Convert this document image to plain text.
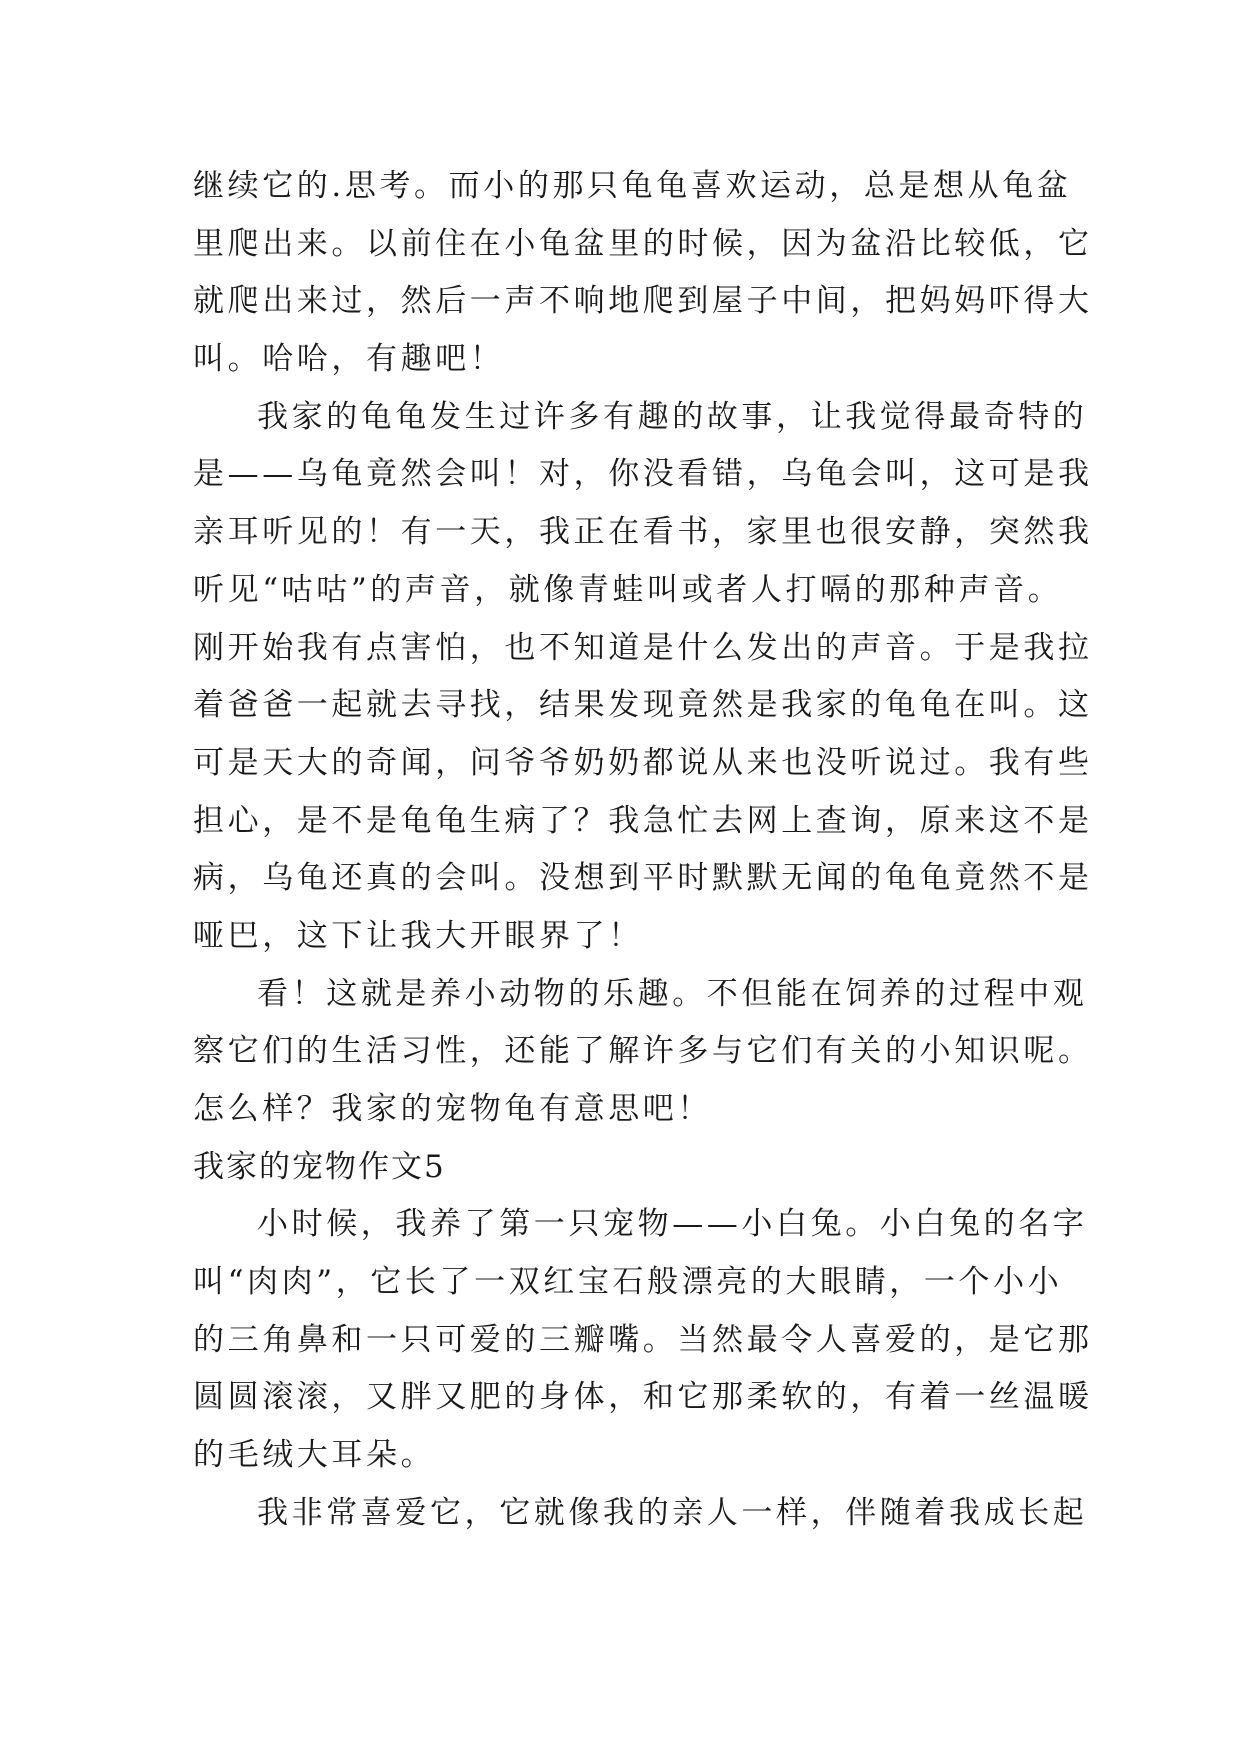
继续它的.思考。而小的那只龟龟喜欢运动，总是想从龟盆
里爬出来。以前住在小龟盆里的时候，因为盆沿比较低，它
就爬出来过，然后一声不响地爬到屋子中间，把妈妈吓得大
叫。哈哈，有趣吧！
我家的龟龟发生过许多有趣的故事，让我觉得最奇特的
是——乌龟竟然会叫！对，你没看错，乌龟会叫，这可是我
亲耳听见的！有一天，我正在看书，家里也很安静，突然我
听见“咕咕”的声音，就像青蛙叫或者人打嗝的那种声音。
刚开始我有点害怕，也不知道是什么发出的声音。于是我拉
着爸爸一起就去寻找，结果发现竟然是我家的龟龟在叫。这
可是天大的奇闻，问爷爷奶奶都说从来也没听说过。我有些
担心，是不是龟龟生病了？我急忙去网上查询，原来这不是
病，乌龟还真的会叫。没想到平时默默无闻的龟龟竟然不是
哑巴，这下让我大开眼界了！
看！这就是养小动物的乐趣。不但能在饲养的过程中观
察它们的生活习性，还能了解许多与它们有关的小知识呢。
怎么样？我家的宠物龟有意思吧！
我家的宠物作文5
小时候，我养了第一只宠物——小白兔。小白兔的名字
叫“肉肉”，它长了一双红宝石般漂亮的大眼睛，一个小小
的三角鼻和一只可爱的三瓣嘴。当然最令人喜爱的，是它那
圆圆滚滚，又胖又肥的身体，和它那柔软的，有着一丝温暖
的毛绒大耳朵。
我非常喜爱它，它就像我的亲人一样，伴随着我成长起
